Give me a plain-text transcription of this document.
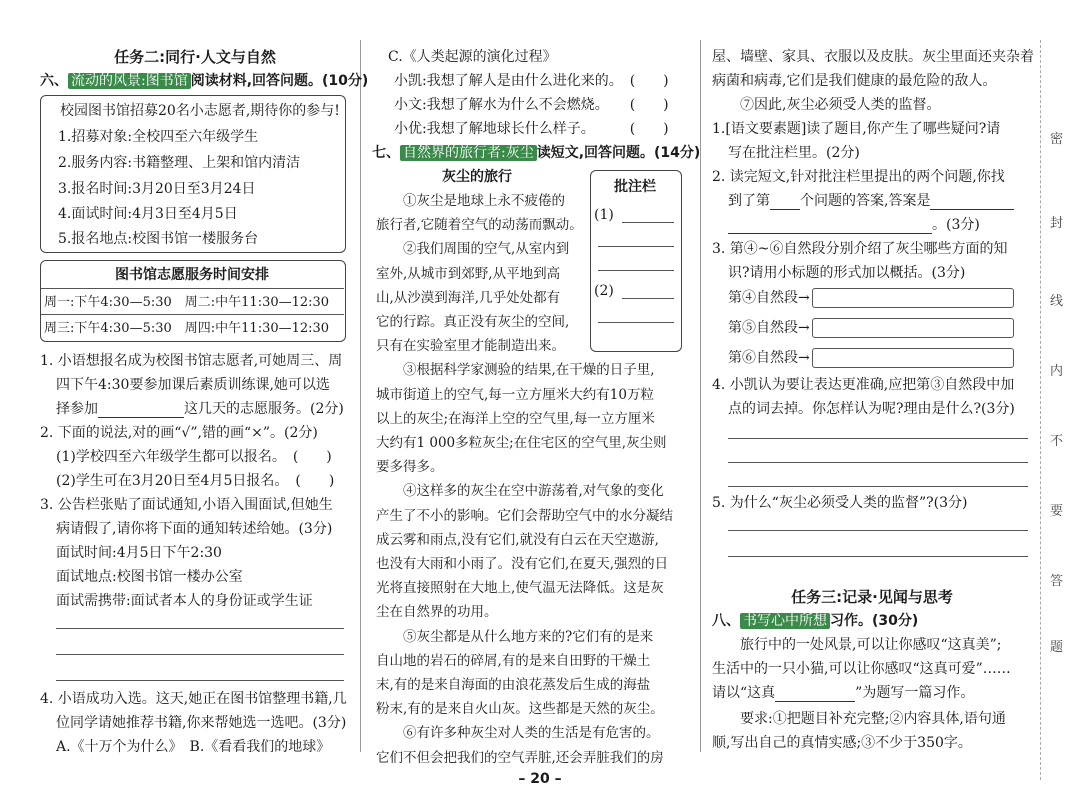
任务二:同行·人文与自然
六、 流动的风景:图书馆 阅读材料,回答问题。(10分)
校园图书馆招募20名小志愿者,期待你的参与!
1.招募对象:全校四至六年级学生
2.服务内容:书籍整理、上架和馆内清洁
3.报名时间:3月20日至3月24日
4.面试时间:4月3日至4月5日
5.报名地点:校图书馆一楼服务台
图书馆志愿服务时间安排
周一:下午4:30—5:30　周二:中午11:30—12:30
周三:下午4:30—5:30　周四:中午11:30—12:30
1. 小语想报名成为校图书馆志愿者,可她周三、周
四下午4:30要参加课后素质训练课,她可以选
择参加	这几天的志愿服务。(2分)
2. 下面的说法,对的画“√”,错的画“×”。(2分)
(1)学校四至六年级学生都可以报名。　(　　)
(2)学生可在3月20日至4月5日报名。　(　　)
3. 公告栏张贴了面试通知,小语入围面试,但她生
病请假了,请你将下面的通知转述给她。(3分)
面试时间:4月5日下午2:30
面试地点:校图书馆一楼办公室
面试需携带:面试者本人的身份证或学生证
4. 小语成功入选。这天,她正在图书馆整理书籍,几
位同学请她推荐书籍,你来帮她选一选吧。(3分)
A.《十万个为什么》　B.《看看我们的地球》
C.《人类起源的演化过程》
小凯:我想了解人是由什么进化来的。　(　　)
小文:我想了解水为什么不会燃烧。　　(　　)
小优:我想了解地球长什么样子。　　　(　　)
七、 自然界的旅行者:灰尘 读短文,回答问题。(14分)
灰尘的旅行
批注栏
(1)
(2)
　　①灰尘是地球上永不疲倦的
旅行者,它随着空气的动荡而飘动。
　　②我们周围的空气,从室内到
室外,从城市到郊野,从平地到高
山,从沙漠到海洋,几乎处处都有
它的行踪。真正没有灰尘的空间,
只有在实验室里才能制造出来。
　　③根据科学家测验的结果,在干燥的日子里,
城市街道上的空气,每一立方厘米大约有10万粒
以上的灰尘;在海洋上空的空气里,每一立方厘米
大约有1 000多粒灰尘;在住宅区的空气里,灰尘则
要多得多。
　　④这样多的灰尘在空中游荡着,对气象的变化
产生了不小的影响。它们会帮助空气中的水分凝结
成云雾和雨点,没有它们,就没有白云在天空遨游,
也没有大雨和小雨了。没有它们,在夏天,强烈的日
光将直接照射在大地上,使气温无法降低。这是灰
尘在自然界的功用。
　　⑤灰尘都是从什么地方来的?它们有的是来
自山地的岩石的碎屑,有的是来自田野的干燥土
末,有的是来自海面的由浪花蒸发后生成的海盐
粉末,有的是来自火山灰。这些都是天然的灰尘。
　　⑥有许多种灰尘对人类的生活是有危害的。
它们不但会把我们的空气弄脏,还会弄脏我们的房
屋、墙壁、家具、衣服以及皮肤。灰尘里面还夹杂着
病菌和病毒,它们是我们健康的最危险的敌人。
　　⑦因此,灰尘必须受人类的监督。
1.[语文要素题]读了题目,你产生了哪些疑问?请
写在批注栏里。(2分)
2. 读完短文,针对批注栏里提出的两个问题,你找
到了第 个问题的答案,答案是
。(3分)
3. 第④~⑥自然段分别介绍了灰尘哪些方面的知
识?请用小标题的形式加以概括。(3分)
第④自然段→
第⑤自然段→
第⑥自然段→
4. 小凯认为要让表达更准确,应把第③自然段中加
点的词去掉。你怎样认为呢?理由是什么?(3分)
5. 为什么“灰尘必须受人类的监督”?(3分)
任务三:记录·见闻与思考
八、 书写心中所想 习作。(30分)
　　旅行中的一处风景,可以让你感叹“这真美”;
生活中的一只小猫,可以让你感叹“这真可爱”……
请以“这真	”为题写一篇习作。
　　要求:①把题目补充完整;②内容具体,语句通
顺,写出自己的真情实感;③不少于350字。
密
封
线
内
不
要
答
题
– 20 –
